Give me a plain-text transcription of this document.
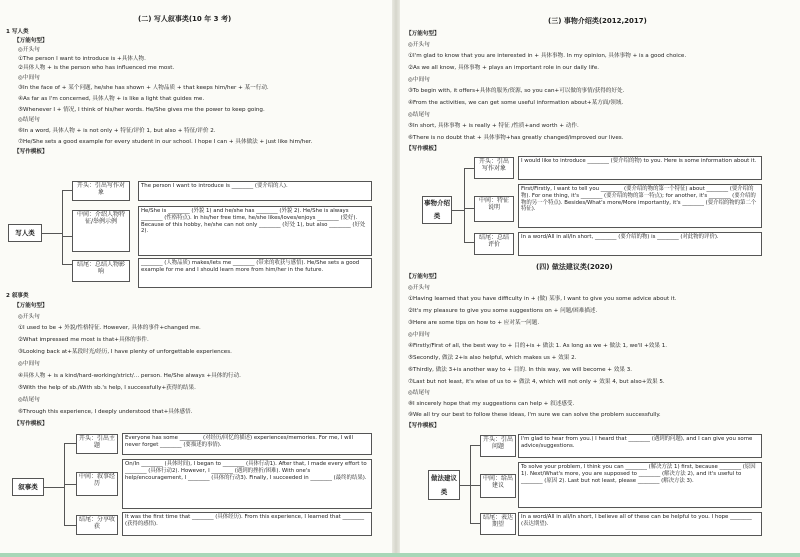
(二) 写人叙事类(10 年 3 考)
1 写人类
【万能句型】
◎开头句
①The person I want to introduce is +具体人物.
②具体人物 + is the person who has influenced me most.
◎中间句
③In the face of + 某个问题, he/she has shown + 人物品质 + that keeps him/her + 某一行动.
④As far as I'm concerned, 具体人物 + is like a light that guides me.
⑤Whenever I + 情况, I think of his/her words. He/She gives me the power to keep going.
◎结尾句
⑥In a word, 具体人物 + is not only + 特征/评价 1, but also + 特征/评价 2.
⑦He/She sets a good example for every student in our school. I hope I can + 具体做法 + just like him/her.
【写作模板】
写人类
开头：引出写作对象
The person I want to introduce is ________ (要介绍的人).
中间：介绍人物特征/举例示例
He/She is ________ (外貌 1) and he/she has ________ (外貌 2). He/She is always ________ (性格特点). In his/her free time, he/she likes/loves/enjoys ________ (爱好). Because of this hobby, he/she can not only ________ (好处 1), but also ________ (好处 2).
结尾：总结人物影响
________ (人物品质) makes/lets me ________ (带来的收获与感悟). He/She sets a good example for me and I should learn more from him/her in the future.
2 叙事类
【万能句型】
◎开头句
①I used to be + 外貌/性格特征. However, 具体的事件+changed me.
②What impressed me most is that+具体的事件.
③Looking back at+某段时光/经历, I have plenty of unforgettable experiences.
◎中间句
④具体人物 + is a kind/hard-working/strict/... person. He/She always +具体的行动.
⑤With the help of sb./With sb.'s help, I successfully+获得的结果.
◎结尾句
⑥Through this experience, I deeply understood that+具体感悟.
【写作模板】
叙事类
开头：引出主题
Everyone has some ________ (对经历/回忆的描述) experiences/memories. For me, I will never forget ________ (要描述的事情).
中间：叙事经历
On/In ________ (具体时间), I began to ________ (具体行动1). After that, I made every effort to ________ (具体行动2). However, I ________ (遇到的挫折/困难). With one's help/encouragement, I ________ (具体的行动3). Finally, I succeeded in ________ (最终的结果).
结尾：分享收获
It was the first time that ________ (具体经历). From this experience, I learned that ________ (获得的感悟).
(三) 事物介绍类(2012,2017)
【万能句型】
◎开头句
①I'm glad to know that you are interested in + 具体事物. In my opinion, 具体事物 + is a good choice.
②As we all know, 具体事物 + plays an important role in our daily life.
◎中间句
③To begin with, it offers+具体的服务/资源, so you can+可以做的事情/获得的好处.
④From the activities, we can get some useful information about+某方面/领域.
◎结尾句
⑤In short, 具体事物 + is really + 特征 /性质+and worth + 动作.
⑥There is no doubt that + 具体事物+has greatly changed/improved our lives.
【写作模板】
事物介绍类
开头：引出写作对象
I would like to introduce ________ (要介绍的物) to you. Here is some information about it.
中间：特征说明
First/Firstly, I want to tell you ________ (要介绍的物的第一个特征) about ________ (要介绍的物). For one thing, it's ________ (要介绍的物的第一特点); for another, it's ________ (要介绍的物的另一个特点). Besides/What's more/More importantly, it's ________ (要介绍的物的第二个特征).
结尾：总结评价
In a word/All in all/In short, ________ (要介绍的物) is ________ (对此物的评价).
(四) 做法建议类(2020)
【万能句型】
◎开头句
①Having learned that you have difficulty in + (做) 某事, I want to give you some advice about it.
②It's my pleasure to give you some suggestions on + 问题/困难描述.
③Here are some tips on how to + 应对某一问题.
◎中间句
④Firstly/First of all, the best way to + 目的+is + 做法 1. As long as we + 做法 1, we'll +效果 1.
⑤Secondly, 做法 2+is also helpful, which makes us + 效果 2.
⑥Thirdly, 做法 3+is another way to + 目的. In this way, we will become + 效果 3.
⑦Last but not least, it's wise of us to + 做法 4, which will not only + 效果 4, but also+效果 5.
◎结尾句
⑧I sincerely hope that my suggestions can help + 叙述感受.
⑨We all try our best to follow these ideas, I'm sure we can solve the problem successfully.
【写作模板】
做法建议类
开头：引出问题
I'm glad to hear from you.) I heard that ________ (遇到的问题), and I can give you some advice/suggestions.
中间：给出建议
To solve your problem, I think you can ________ (解决方法 1) first, because ________ (原因 1). Next/What's more, you are supposed to ________ (解决方法 2), and it's useful to ________ (原因 2). Last but not least, please ________ (解决方法 3).
结尾：表达期望
In a word/All in all/In short, I believe all of these can be helpful to you. I hope ________ (表达期望).
